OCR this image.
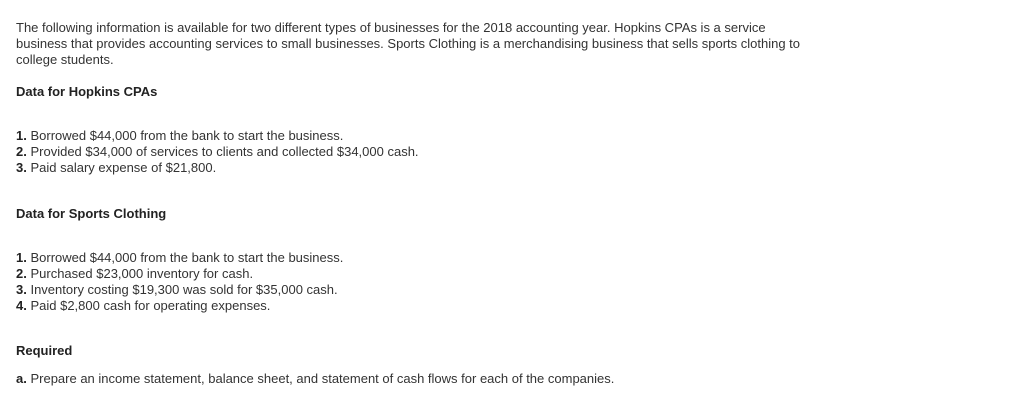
The following information is available for two different types of businesses for the 2018 accounting year. Hopkins CPAs is a service business that provides accounting services to small businesses. Sports Clothing is a merchandising business that sells sports clothing to college students.

Data for Hopkins CPAs
1. Borrowed $44,000 from the bank to start the business.
2. Provided $34,000 of services to clients and collected $34,000 cash.
3. Paid salary expense of $21,800.
Data for Sports Clothing
1. Borrowed $44,000 from the bank to start the business.
2. Purchased $23,000 inventory for cash.
3. Inventory costing $19,300 was sold for $35,000 cash.
4. Paid $2,800 cash for operating expenses.
Required
a. Prepare an income statement, balance sheet, and statement of cash flows for each of the companies.
